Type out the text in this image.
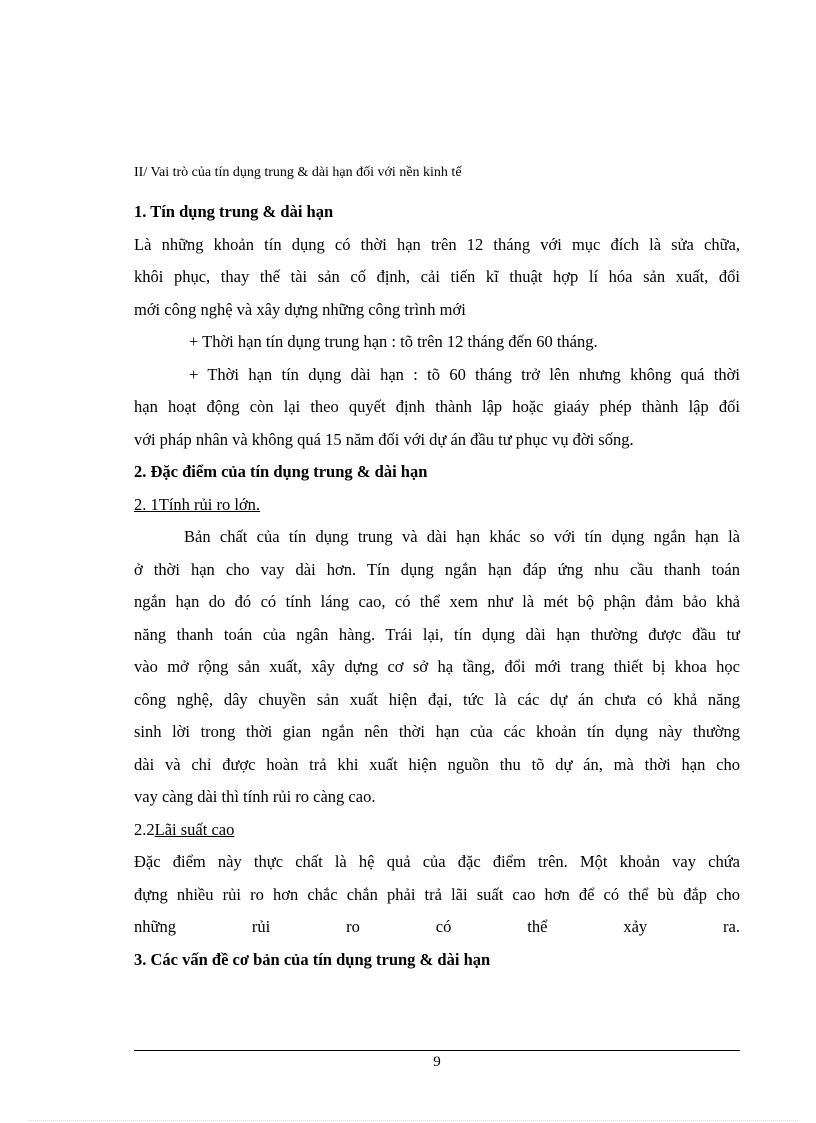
II/ Vai trò của tín dụng trung & dài hạn đối với nền kinh tế
1. Tín dụng trung & dài hạn
Là những khoản tín dụng có thời hạn trên 12 tháng với mục đích là sửa chữa,
khôi phục, thay thế tài sản cố định, cải tiến kĩ thuật hợp lí hóa sản xuất, đổi
mới công nghệ và xây dựng những công trình mới
+ Thời hạn tín dụng trung hạn : tõ trên 12 tháng đến 60 tháng.
+ Thời hạn tín dụng dài hạn : tõ 60 tháng trở lên nhưng không quá thời
hạn hoạt động còn lại theo quyết định thành lập hoặc giaáy phép thành lập đối
với pháp nhân và không quá 15 năm đối với dự án đầu tư phục vụ đời sống.
2. Đặc điểm của tín dụng trung & dài hạn
2. 1Tính rủi ro lớn.
Bản chất của tín dụng trung và dài hạn khác so với tín dụng ngắn hạn là
ở thời hạn cho vay dài hơn. Tín dụng ngắn hạn đáp ứng nhu cầu thanh toán
ngắn hạn do đó có tính láng cao, có thể xem như là mét bộ phận đảm bảo khả
năng thanh toán của ngân hàng. Trái lại, tín dụng dài hạn thường được đầu tư
vào mở rộng sản xuất, xây dựng cơ sở hạ tầng, đổi mới trang thiết bị khoa học
công nghệ, dây chuyền sản xuất hiện đại, tức là các dự án chưa có khả năng
sinh lời trong thời gian ngắn nên thời hạn của các khoản tín dụng này thường
dài và chỉ được hoàn trả khi xuất hiện nguồn thu tõ dự án, mà thời hạn cho
vay càng dài thì tính rủi ro càng cao.
2.2Lãi suất cao
Đặc điểm này thực chất là hệ quả của đặc điểm trên. Một khoản vay chứa
đựng nhiều rủi ro hơn chắc chắn phải trả lãi suất cao hơn để có thể bù đắp cho
những rủi ro có thể xảy ra.
3. Các vấn đề cơ bản của tín dụng trung & dài hạn
9
